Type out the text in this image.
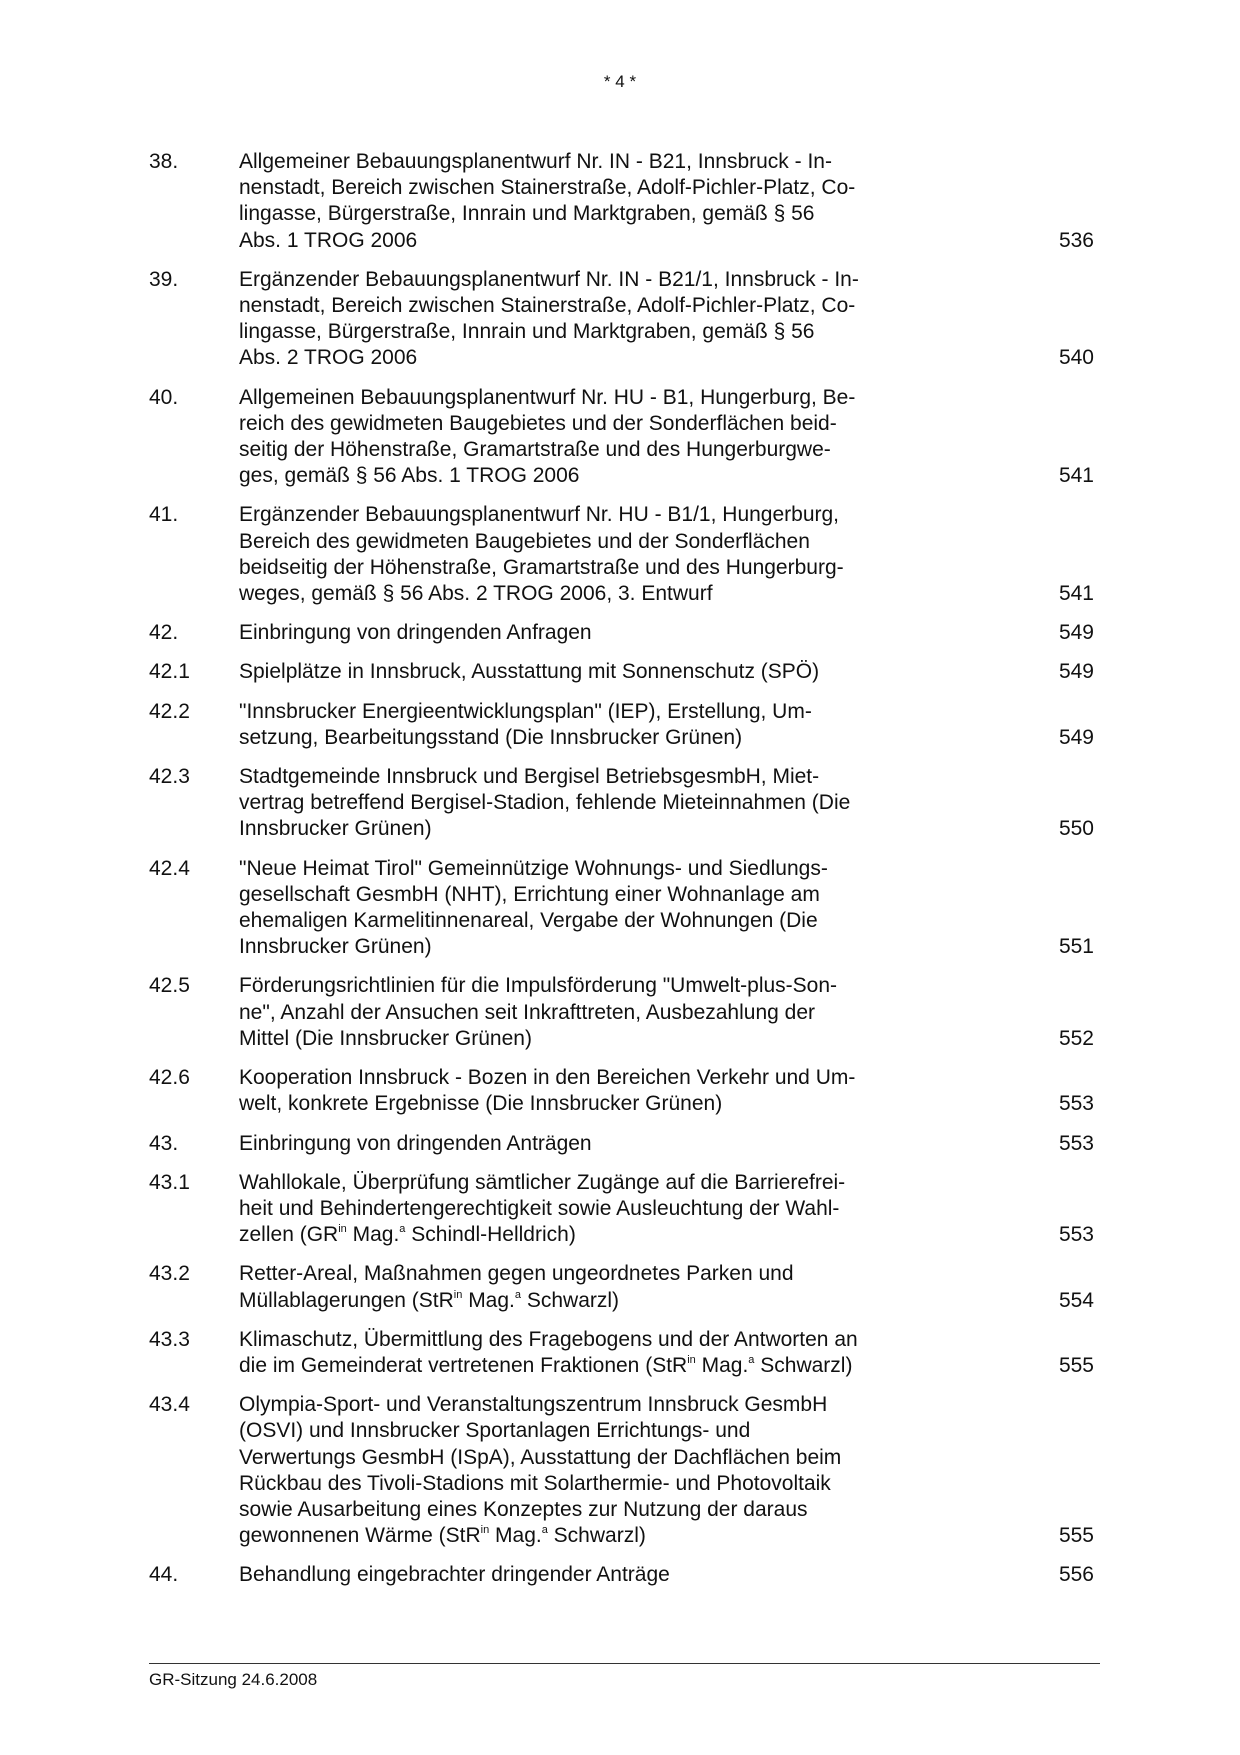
* 4 *
38.	Allgemeiner Bebauungsplanentwurf Nr. IN - B21, Innsbruck - In-
nenstadt, Bereich zwischen Stainerstraße, Adolf-Pichler-Platz, Co-
lingasse, Bürgerstraße, Innrain und Marktgraben, gemäß § 56
Abs. 1 TROG 2006	536
39.	Ergänzender Bebauungsplanentwurf Nr. IN - B21/1, Innsbruck - In-
nenstadt, Bereich zwischen Stainerstraße, Adolf-Pichler-Platz, Co-
lingasse, Bürgerstraße, Innrain und Marktgraben, gemäß § 56
Abs. 2 TROG 2006	540
40.	Allgemeinen Bebauungsplanentwurf Nr. HU - B1, Hungerburg, Be-
reich des gewidmeten Baugebietes und der Sonderflächen beid-
seitig der Höhenstraße, Gramartstraße und des Hungerburgwe-
ges, gemäß § 56 Abs. 1 TROG 2006	541
41.	Ergänzender Bebauungsplanentwurf Nr. HU - B1/1, Hungerburg,
Bereich des gewidmeten Baugebietes und der Sonderflächen
beidseitig der Höhenstraße, Gramartstraße und des Hungerburg-
weges, gemäß § 56 Abs. 2 TROG 2006, 3. Entwurf	541
42.	Einbringung von dringenden Anfragen	549
42.1	Spielplätze in Innsbruck, Ausstattung mit Sonnenschutz (SPÖ)	549
42.2	"Innsbrucker Energieentwicklungsplan" (IEP), Erstellung, Um-
setzung, Bearbeitungsstand (Die Innsbrucker Grünen)	549
42.3	Stadtgemeinde Innsbruck und Bergisel BetriebsgesmbH, Miet-
vertrag betreffend Bergisel-Stadion, fehlende Mieteinnahmen (Die
Innsbrucker Grünen)	550
42.4	"Neue Heimat Tirol" Gemeinnützige Wohnungs- und Siedlungs-
gesellschaft GesmbH (NHT), Errichtung einer Wohnanlage am
ehemaligen Karmelitinnenareal, Vergabe der Wohnungen (Die
Innsbrucker Grünen)	551
42.5	Förderungsrichtlinien für die Impulsförderung "Umwelt-plus-Son-
ne", Anzahl der Ansuchen seit Inkrafttreten, Ausbezahlung der
Mittel (Die Innsbrucker Grünen)	552
42.6	Kooperation Innsbruck - Bozen in den Bereichen Verkehr und Um-
welt, konkrete Ergebnisse (Die Innsbrucker Grünen)	553
43.	Einbringung von dringenden Anträgen	553
43.1	Wahllokale, Überprüfung sämtlicher Zugänge auf die Barrierefrei-
heit und Behindertengerechtigkeit sowie Ausleuchtung der Wahl-
zellen ($GR^{in}$ Mag.$^a$ Schindl-Helldrich)	553
43.2	Retter-Areal, Maßnahmen gegen ungeordnetes Parken und
Müllablagerungen (StR$^{in}$ Mag.$^a$ Schwarzl)	554
43.3	Klimaschutz, Übermittlung des Fragebogens und der Antworten an
die im Gemeinderat vertretenen Fraktionen (StR$^{in}$ Mag.$^a$ Schwarzl)	555
43.4	Olympia-Sport- und Veranstaltungszentrum Innsbruck GesmbH
(OSVI) und Innsbrucker Sportanlagen Errichtungs- und
Verwertungs GesmbH (ISpA), Ausstattung der Dachflächen beim
Rückbau des Tivoli-Stadions mit Solarthermie- und Photovoltaik
sowie Ausarbeitung eines Konzeptes zur Nutzung der daraus
gewonnenen Wärme (StR$^{in}$ Mag.$^a$ Schwarzl)	555
44.	Behandlung eingebrachter dringender Anträge	556
GR-Sitzung 24.6.2008
